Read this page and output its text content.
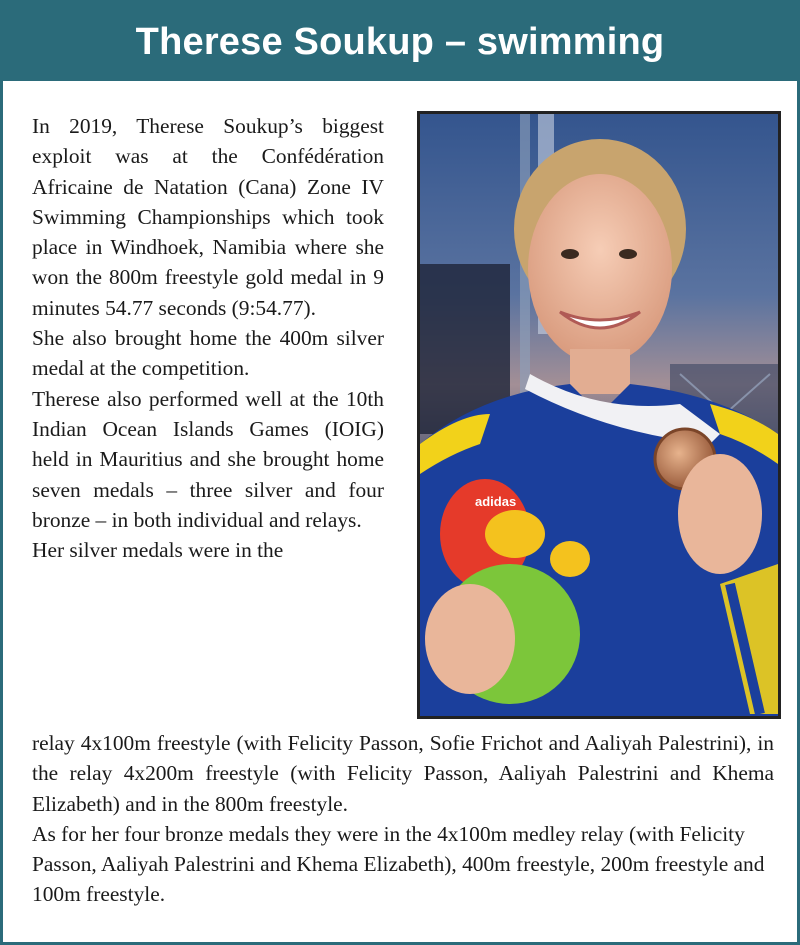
Therese Soukup – swimming

In 2019, Therese Soukup’s biggest exploit was at the Confédération Africaine de Natation (Cana) Zone IV Swimming Championships which took place in Windhoek, Namibia where she won the 800m freestyle gold medal in 9 minutes 54.77 seconds (9:54.77).

She also brought home the 400m silver medal at the competition.

Therese also performed well at the 10th Indian Ocean Islands Games (IOIG) held in Mauritius and she brought home seven medals – three silver and four bronze – in both individual and relays.

Her silver medals were in the

adidas

relay 4x100m freestyle (with Felicity Passon, Sofie Frichot and Aaliyah Palestrini), in the relay 4x200m freestyle (with Felicity Passon, Aaliyah Palestrini and Khema Elizabeth) and in the 800m freestyle.

As for her four bronze medals they were in the 4x100m medley relay (with Felicity Passon, Aaliyah Palestrini and Khema Elizabeth), 400m freestyle, 200m freestyle and 100m freestyle.
